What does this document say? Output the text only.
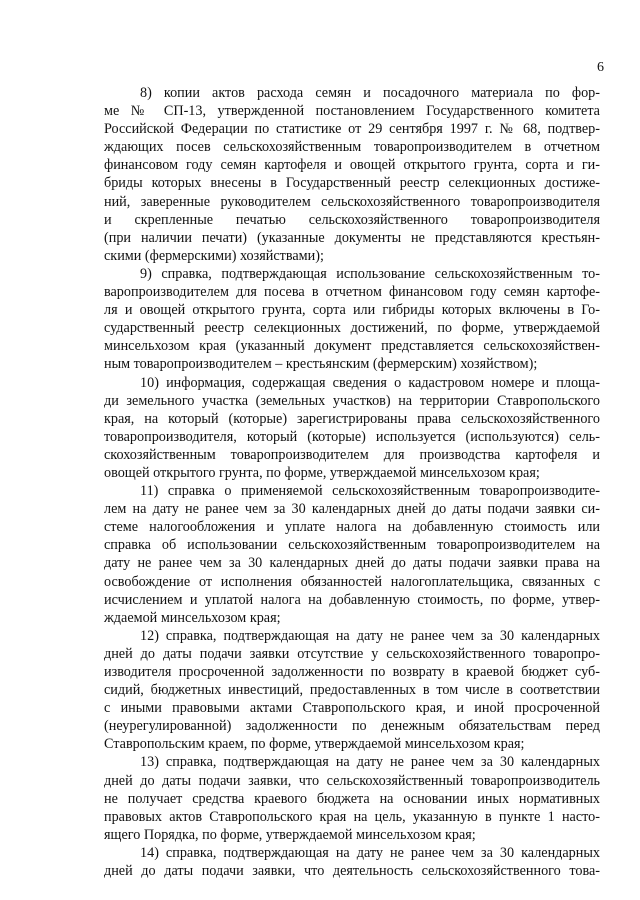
6
8) копии актов расхода семян и посадочного материала по фор-
ме № СП-13, утвержденной постановлением Государственного комитета
Российской Федерации по статистике от 29 сентября 1997 г. № 68, подтвер-
ждающих посев сельскохозяйственным товаропроизводителем в отчетном
финансовом году семян картофеля и овощей открытого грунта, сорта и ги-
бриды которых внесены в Государственный реестр селекционных достиже-
ний, заверенные руководителем сельскохозяйственного товаропроизводителя
и скрепленные печатью сельскохозяйственного товаропроизводителя
(при наличии печати) (указанные документы не представляются крестьян-
скими (фермерскими) хозяйствами);
9) справка, подтверждающая использование сельскохозяйственным то-
варопроизводителем для посева в отчетном финансовом году семян картофе-
ля и овощей открытого грунта, сорта или гибриды которых включены в Го-
сударственный реестр селекционных достижений, по форме, утверждаемой
минсельхозом края (указанный документ представляется сельскохозяйствен-
ным товаропроизводителем – крестьянским (фермерским) хозяйством);
10) информация, содержащая сведения о кадастровом номере и площа-
ди земельного участка (земельных участков) на территории Ставропольского
края, на который (которые) зарегистрированы права сельскохозяйственного
товаропроизводителя, который (которые) используется (используются) сель-
скохозяйственным товаропроизводителем для производства картофеля и
овощей открытого грунта, по форме, утверждаемой минсельхозом края;
11) справка о применяемой сельскохозяйственным товаропроизводите-
лем на дату не ранее чем за 30 календарных дней до даты подачи заявки си-
стеме налогообложения и уплате налога на добавленную стоимость или
справка об использовании сельскохозяйственным товаропроизводителем на
дату не ранее чем за 30 календарных дней до даты подачи заявки права на
освобождение от исполнения обязанностей налогоплательщика, связанных с
исчислением и уплатой налога на добавленную стоимость, по форме, утвер-
ждаемой минсельхозом края;
12) справка, подтверждающая на дату не ранее чем за 30 календарных
дней до даты подачи заявки отсутствие у сельскохозяйственного товаропро-
изводителя просроченной задолженности по возврату в краевой бюджет суб-
сидий, бюджетных инвестиций, предоставленных в том числе в соответствии
с иными правовыми актами Ставропольского края, и иной просроченной
(неурегулированной) задолженности по денежным обязательствам перед
Ставропольским краем, по форме, утверждаемой минсельхозом края;
13) справка, подтверждающая на дату не ранее чем за 30 календарных
дней до даты подачи заявки, что сельскохозяйственный товаропроизводитель
не получает средства краевого бюджета на основании иных нормативных
правовых актов Ставропольского края на цель, указанную в пункте 1 насто-
ящего Порядка, по форме, утверждаемой минсельхозом края;
14) справка, подтверждающая на дату не ранее чем за 30 календарных
дней до даты подачи заявки, что деятельность сельскохозяйственного това-
